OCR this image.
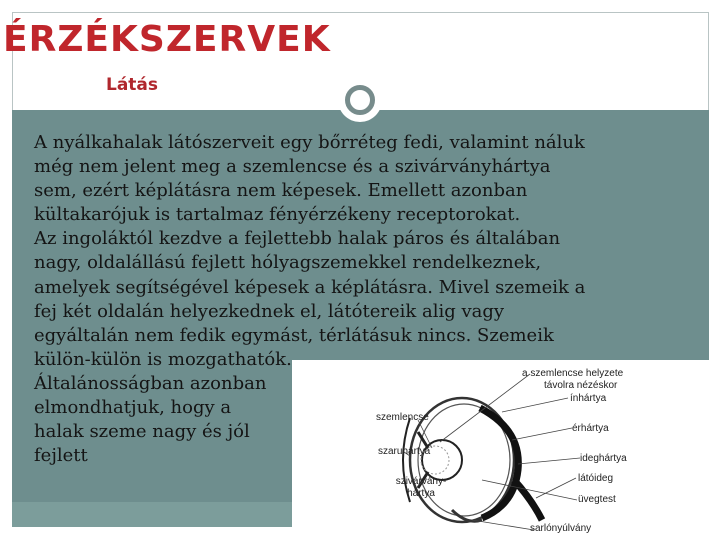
ÉRZÉKSZERVEK
Látás

A nyálkahalak látószerveit egy bőrréteg fedi, valamint náluk még nem jelent meg a szemlencse és a szivárványhártya sem, ezért képlátásra nem képesek. Emellett azonban kültakarójuk is tartalmaz fényérzékeny receptorokat.

Az ingoláktól kezdve a fejlettebb halak páros és általában nagy, oldalállású fejlett hólyagszemekkel rendelkeznek, amelyek segítségével képesek a képlátásra. Mivel szemeik a fej két oldalán helyezkednek el, látótereik alig vagy egyáltalán nem fedik egymást, térlátásuk nincs. Szemeik külön-külön is mozgathatók.

Általánosságban azonban elmondhatjuk, hogy a halak szeme nagy és jól fejlett

a szemlencse helyzete
távolra nézéskor
ínhártya
szemlencse
érhártya
szaruhártya
ideghártya
szivárvány-
hártya
látóideg
üvegtest
sarlónyúlvány
